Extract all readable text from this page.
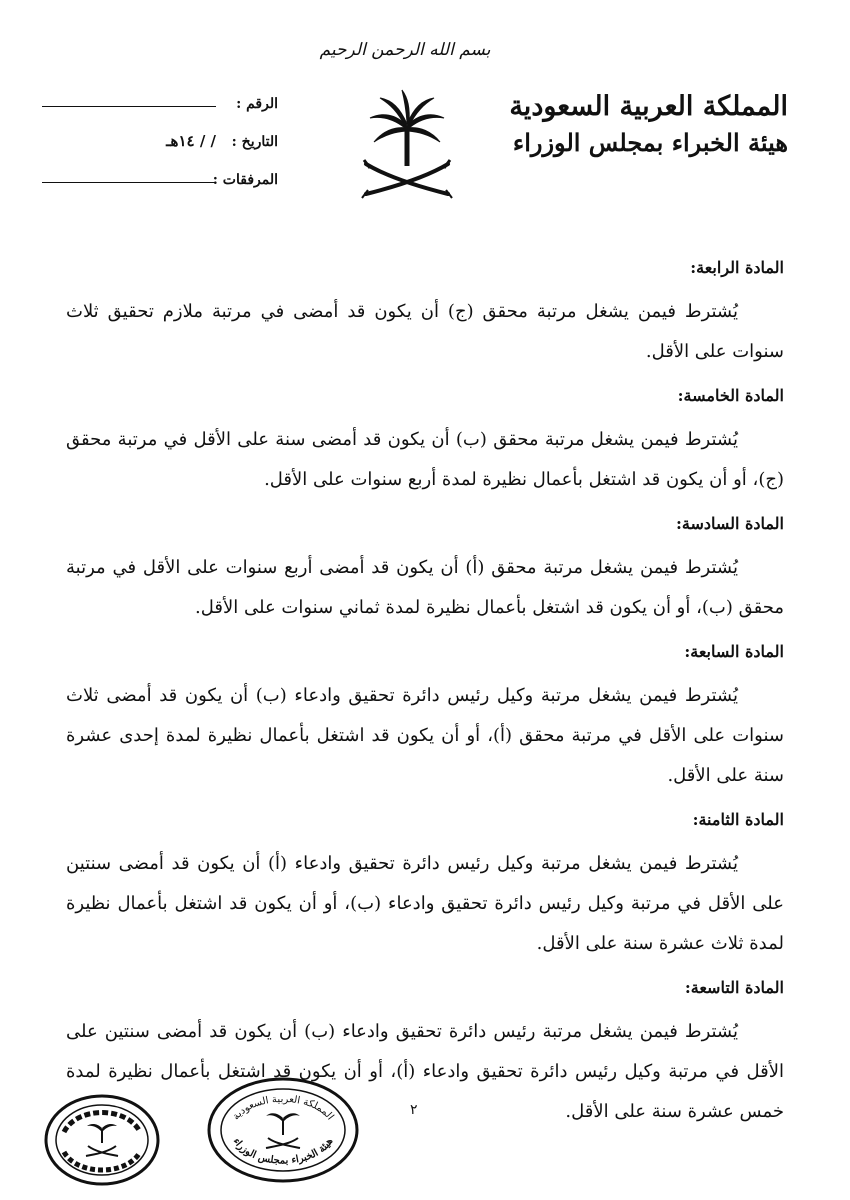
بسم الله الرحمن الرحيم
المملكة العربية السعودية
هيئة الخبراء بمجلس الوزراء
الرقم :
التاريخ :
/ / ١٤هـ
المرفقات :

المادة الرابعة:

يُشترط فيمن يشغل مرتبة محقق (ج) أن يكون قد أمضى في مرتبة ملازم تحقيق ثلاث سنوات على الأقل.

المادة الخامسة:

يُشترط فيمن يشغل مرتبة محقق (ب) أن يكون قد أمضى سنة على الأقل في مرتبة محقق (ج)، أو أن يكون قد اشتغل بأعمال نظيرة لمدة أربع سنوات على الأقل.

المادة السادسة:

يُشترط فيمن يشغل مرتبة محقق (أ) أن يكون قد أمضى أربع سنوات على الأقل في مرتبة محقق (ب)، أو أن يكون قد اشتغل بأعمال نظيرة لمدة ثماني سنوات على الأقل.

المادة السابعة:

يُشترط فيمن يشغل مرتبة وكيل رئيس دائرة تحقيق وادعاء (ب) أن يكون قد أمضى ثلاث سنوات على الأقل في مرتبة محقق (أ)، أو أن يكون قد اشتغل بأعمال نظيرة لمدة إحدى عشرة سنة على الأقل.

المادة الثامنة:

يُشترط فيمن يشغل مرتبة وكيل رئيس دائرة تحقيق وادعاء (أ) أن يكون قد أمضى سنتين على الأقل في مرتبة وكيل رئيس دائرة تحقيق وادعاء (ب)، أو أن يكون قد اشتغل بأعمال نظيرة لمدة ثلاث عشرة سنة على الأقل.

المادة التاسعة:

يُشترط فيمن يشغل مرتبة رئيس دائرة تحقيق وادعاء (ب) أن يكون قد أمضى سنتين على الأقل في مرتبة وكيل رئيس دائرة تحقيق وادعاء (أ)، أو أن يكون قد اشتغل بأعمال نظيرة لمدة خمس عشرة سنة على الأقل.

٢
المملكة العربية السعودية
هيئة الخبراء بمجلس الوزراء
